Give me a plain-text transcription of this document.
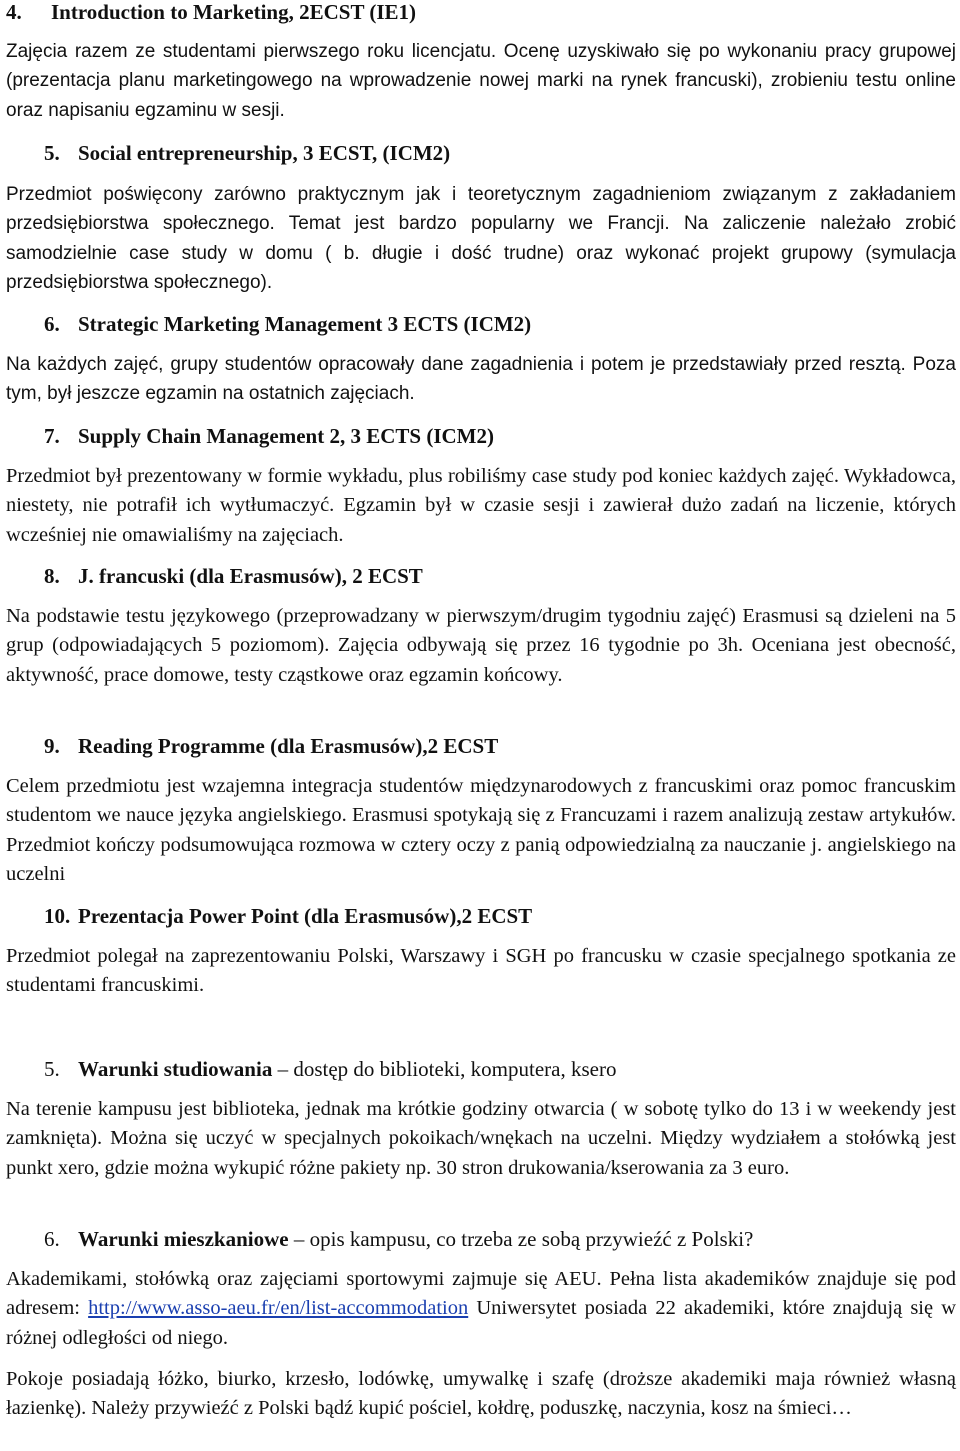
4. Introduction to Marketing, 2ECST (IE1)
Zajęcia razem ze studentami pierwszego roku licencjatu. Ocenę uzyskiwało się po wykonaniu pracy grupowej (prezentacja planu marketingowego na wprowadzenie nowej marki na rynek francuski), zrobieniu testu online oraz napisaniu egzaminu w sesji.
5. Social entrepreneurship, 3 ECST, (ICM2)
Przedmiot poświęcony zarówno praktycznym jak i teoretycznym zagadnieniom związanym z zakładaniem przedsiębiorstwa społecznego. Temat jest bardzo popularny we Francji. Na zaliczenie należało zrobić samodzielnie case study w domu ( b. długie i dość trudne) oraz wykonać projekt grupowy (symulacja przedsiębiorstwa społecznego).
6. Strategic Marketing Management 3 ECTS (ICM2)
Na każdych zajęć, grupy studentów opracowały dane zagadnienia i potem je przedstawiały przed resztą. Poza tym, był jeszcze egzamin na ostatnich zajęciach.
7. Supply Chain Management 2, 3 ECTS (ICM2)
Przedmiot był prezentowany w formie wykładu, plus robiliśmy case study pod koniec każdych zajęć. Wykładowca, niestety, nie potrafił ich wytłumaczyć. Egzamin był w czasie sesji i zawierał dużo zadań na liczenie, których wcześniej nie omawialiśmy na zajęciach.
8. J. francuski (dla Erasmusów), 2 ECST
Na podstawie testu językowego (przeprowadzany w pierwszym/drugim tygodniu zajęć) Erasmusi są dzieleni na 5 grup (odpowiadających 5 poziomom). Zajęcia odbywają się przez 16 tygodnie po 3h. Oceniana jest obecność, aktywność, prace domowe, testy cząstkowe oraz egzamin końcowy.
9. Reading Programme (dla Erasmusów),2 ECST
Celem przedmiotu jest wzajemna integracja studentów międzynarodowych z francuskimi oraz pomoc francuskim studentom we nauce języka angielskiego. Erasmusi spotykają się z Francuzami i razem analizują zestaw artykułów. Przedmiot kończy podsumowująca rozmowa w cztery oczy z panią odpowiedzialną za nauczanie j. angielskiego na uczelni
10. Prezentacja Power Point (dla Erasmusów),2 ECST
Przedmiot polegał na zaprezentowaniu Polski, Warszawy i SGH po francusku w czasie specjalnego spotkania ze studentami francuskimi.
5. Warunki studiowania – dostęp do biblioteki, komputera, ksero
Na terenie kampusu jest biblioteka, jednak ma krótkie godziny otwarcia ( w sobotę tylko do 13 i w weekendy jest zamknięta). Można się uczyć w specjalnych pokoikach/wnękach na uczelni. Między wydziałem a stołówką jest punkt xero, gdzie można wykupić różne pakiety np. 30 stron drukowania/kserowania za 3 euro.
6. Warunki mieszkaniowe – opis kampusu, co trzeba ze sobą przywieźć z Polski?
Akademikami, stołówką oraz zajęciami sportowymi zajmuje się AEU. Pełna lista akademików znajduje się pod adresem: http://www.asso-aeu.fr/en/list-accommodation Uniwersytet posiada 22 akademiki, które znajdują się w różnej odległości od niego.
Pokoje posiadają łóżko, biurko, krzesło, lodówkę, umywalkę i szafę (droższe akademiki maja również własną łazienkę). Należy przywieźć z Polski bądź kupić pościel, kołdrę, poduszkę, naczynia, kosz na śmieci…
